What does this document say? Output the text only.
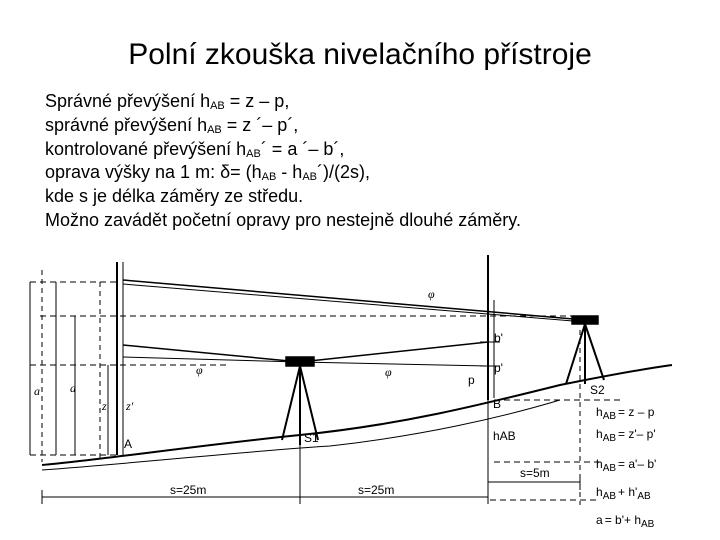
Polní zkouška nivelačního přístroje
Správné převýšení $h_{AB} = z - p$,
správné převýšení $h_{AB} = z$ ´– p´,
kontrolované převýšení $h_{AB}´ = a$ ´– b´,
oprava výšky na 1 m: $\delta= (h_{AB}$ - $h_{AB}´)/(2s)$,
kde s je délka záměry ze středu.
Možno zavádět početní opravy pro nestejně dlouhé záměry.
a' a
z z'
A	S1
φ
φ	φ
b'
p'
p
B
hAB
S2
s=25m	s=25m
s=5m
$h_{AB} = z - p$
$h_{AB} = z'-$ p'
$h_{AB} = a'-$ b'
$h_{AB} + h'_{AB}$
$a = b'+ h_{AB}$
